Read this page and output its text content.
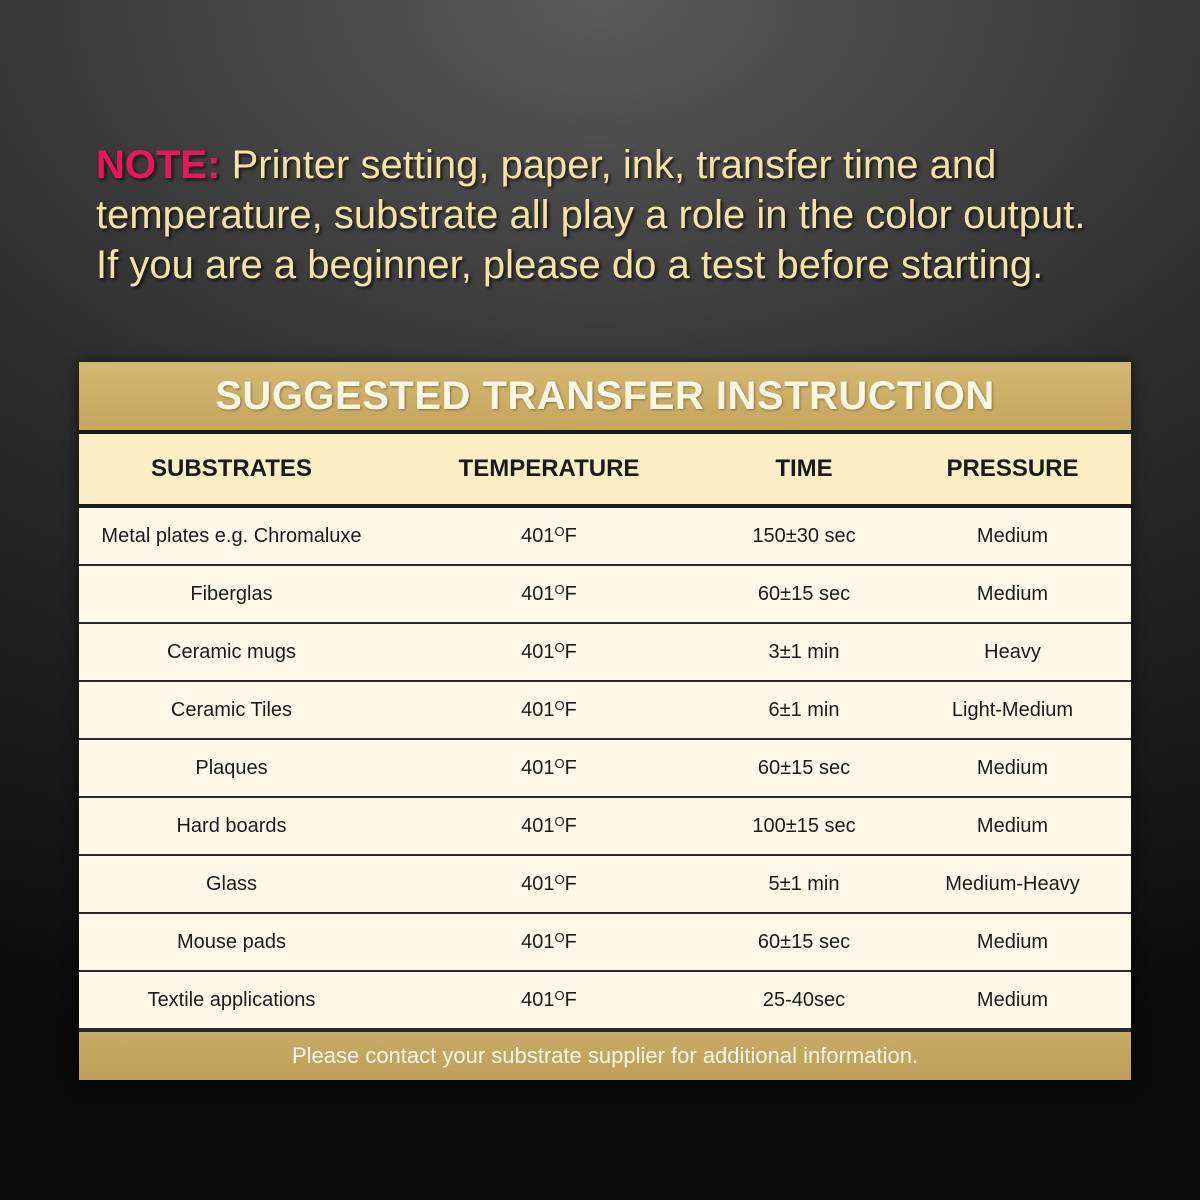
NOTE: Printer setting, paper, ink, transfer time and
temperature, substrate all play a role in the color output.
If you are a beginner, please do a test before starting.
SUGGESTED TRANSFER INSTRUCTION
SUBSTRATES	TEMPERATURE	TIME	PRESSURE
Metal plates e.g. Chromaluxe	$401^OF$	150±30 sec	Medium
Fiberglas	$401^OF$	60±15 sec	Medium
Ceramic mugs	$401^OF$	3±1 min	Heavy
Ceramic Tiles	$401^OF$	6±1 min	Light-Medium
Plaques	$401^OF$	60±15 sec	Medium
Hard boards	$401^OF$	100±15 sec	Medium
Glass	$401^OF$	5±1 min	Medium-Heavy
Mouse pads	$401^OF$	60±15 sec	Medium
Textile applications	$401^OF$	25-40sec	Medium
Please contact your substrate supplier for additional information.
